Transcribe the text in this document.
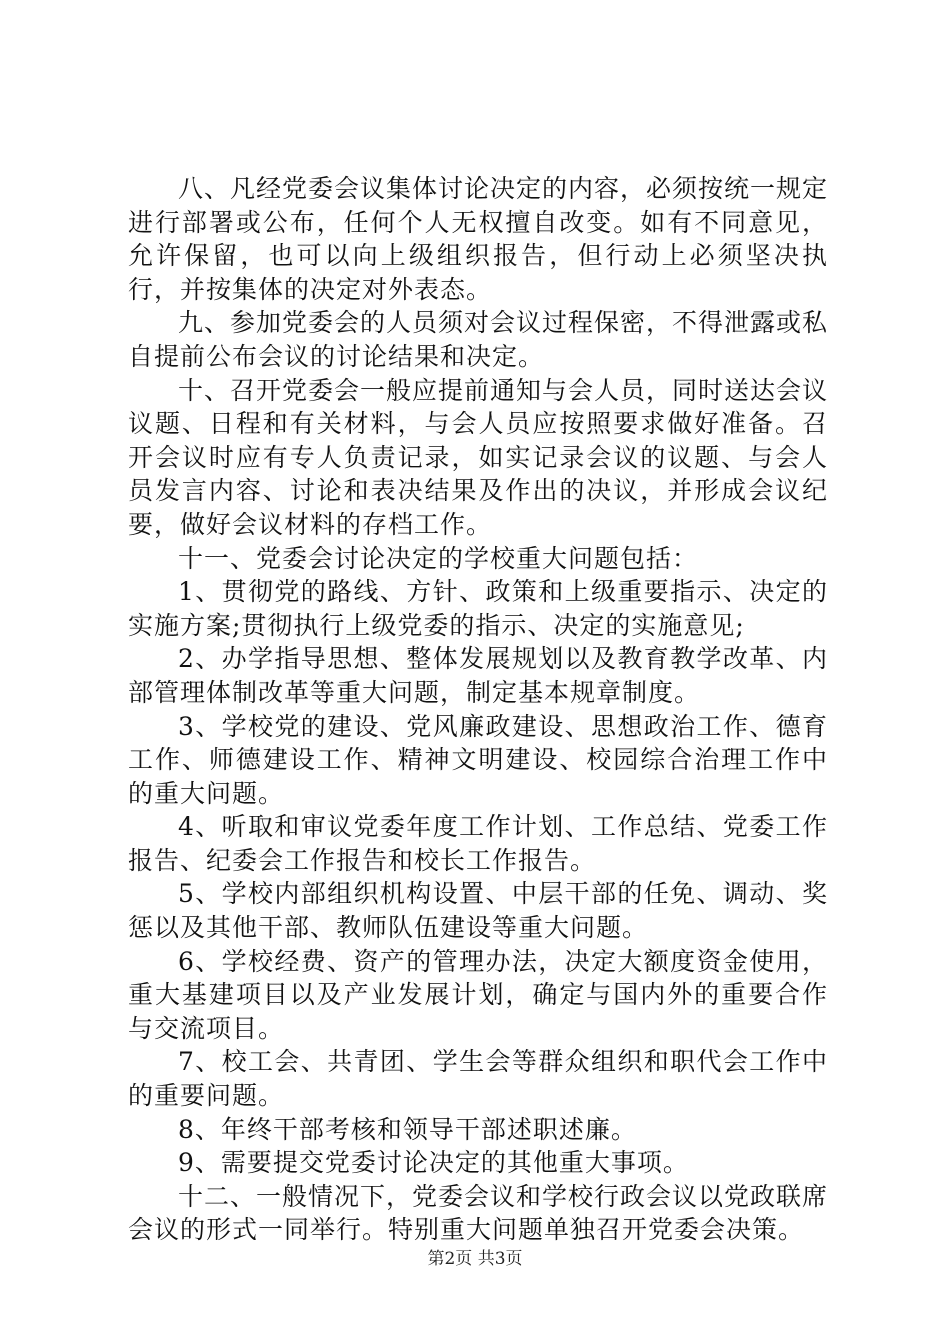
八、凡经党委会议集体讨论决定的内容，必须按统一规定进行部署或公布，任何个人无权擅自改变。如有不同意见，允许保留，也可以向上级组织报告，但行动上必须坚决执行，并按集体的决定对外表态。

九、参加党委会的人员须对会议过程保密，不得泄露或私自提前公布会议的讨论结果和决定。

十、召开党委会一般应提前通知与会人员，同时送达会议议题、日程和有关材料，与会人员应按照要求做好准备。召开会议时应有专人负责记录，如实记录会议的议题、与会人员发言内容、讨论和表决结果及作出的决议，并形成会议纪要，做好会议材料的存档工作。

十一、党委会讨论决定的学校重大问题包括：

1、贯彻党的路线、方针、政策和上级重要指示、决定的实施方案;贯彻执行上级党委的指示、决定的实施意见;

2、办学指导思想、整体发展规划以及教育教学改革、内部管理体制改革等重大问题，制定基本规章制度。

3、学校党的建设、党风廉政建设、思想政治工作、德育工作、师德建设工作、精神文明建设、校园综合治理工作中的重大问题。

4、听取和审议党委年度工作计划、工作总结、党委工作报告、纪委会工作报告和校长工作报告。

5、学校内部组织机构设置、中层干部的任免、调动、奖惩以及其他干部、教师队伍建设等重大问题。

6、学校经费、资产的管理办法，决定大额度资金使用，重大基建项目以及产业发展计划，确定与国内外的重要合作与交流项目。

7、校工会、共青团、学生会等群众组织和职代会工作中的重要问题。

8、年终干部考核和领导干部述职述廉。

9、需要提交党委讨论决定的其他重大事项。

十二、一般情况下，党委会议和学校行政会议以党政联席会议的形式一同举行。特别重大问题单独召开党委会决策。

第2页 共3页
